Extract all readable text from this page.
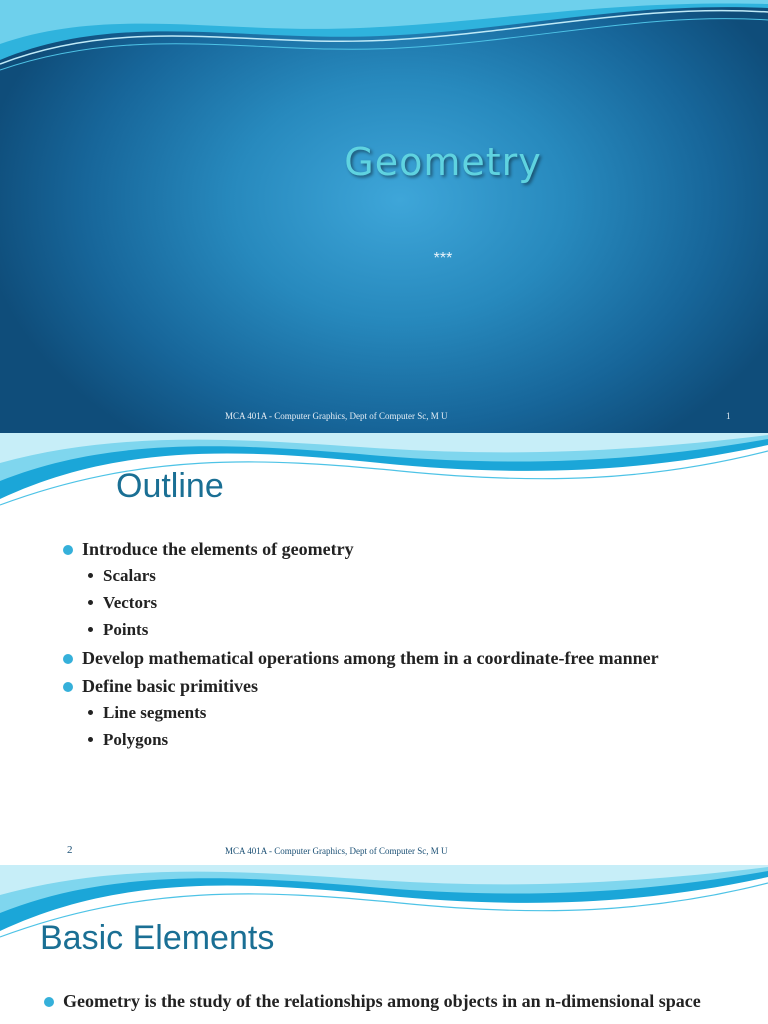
Geometry
***
MCA 401A - Computer Graphics, Dept of Computer Sc, M U	1
Outline
Introduce the elements of geometry
Scalars
Vectors
Points
Develop mathematical operations among them in a coordinate-free manner
Define basic primitives
Line segments
Polygons
2	MCA 401A - Computer Graphics, Dept of Computer Sc, M U
Basic Elements
Geometry is the study of the relationships among objects in an n-dimensional space
